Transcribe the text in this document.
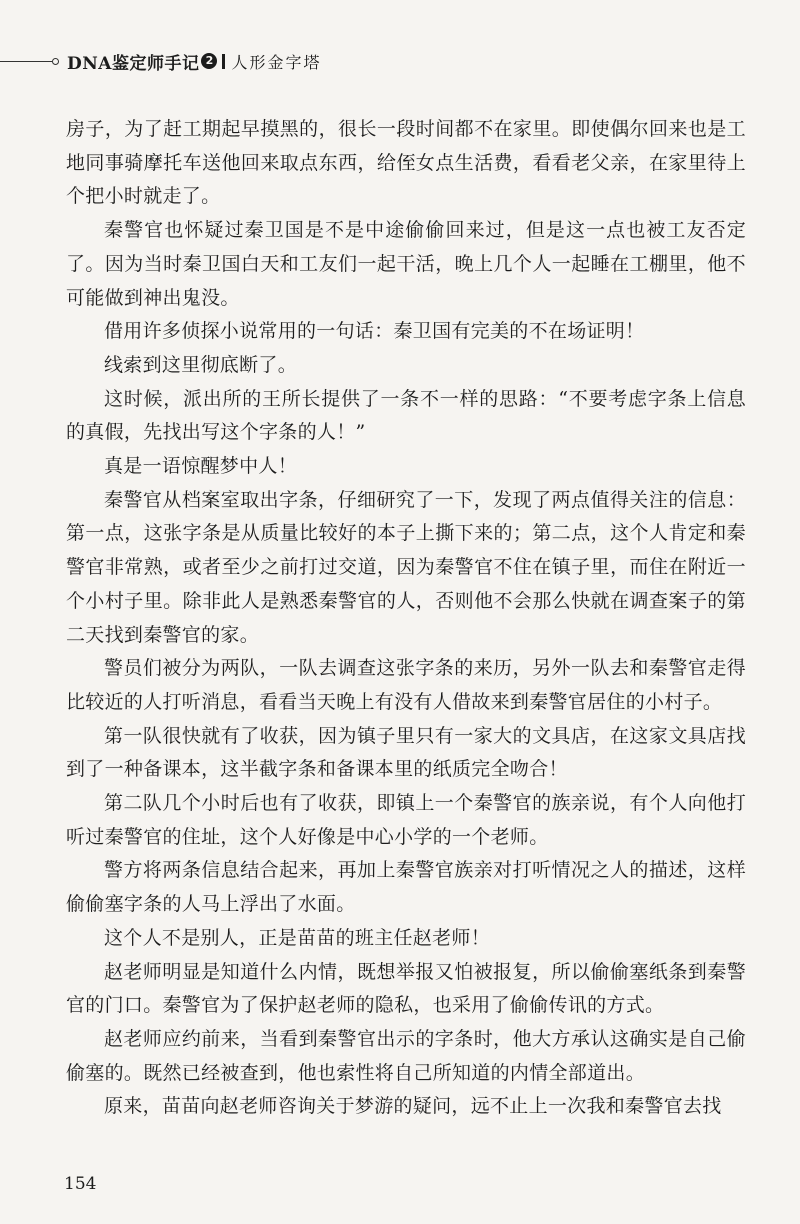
DNA鉴定师手记 2 人形金字塔

房子，为了赶工期起早摸黑的，很长一段时间都不在家里。即使偶尔回来也是工地同事骑摩托车送他回来取点东西，给侄女点生活费，看看老父亲，在家里待上个把小时就走了。

秦警官也怀疑过秦卫国是不是中途偷偷回来过，但是这一点也被工友否定了。因为当时秦卫国白天和工友们一起干活，晚上几个人一起睡在工棚里，他不可能做到神出鬼没。

借用许多侦探小说常用的一句话：秦卫国有完美的不在场证明！

线索到这里彻底断了。

这时候，派出所的王所长提供了一条不一样的思路：“不要考虑字条上信息的真假，先找出写这个字条的人！”

真是一语惊醒梦中人！

秦警官从档案室取出字条，仔细研究了一下，发现了两点值得关注的信息：第一点，这张字条是从质量比较好的本子上撕下来的；第二点，这个人肯定和秦警官非常熟，或者至少之前打过交道，因为秦警官不住在镇子里，而住在附近一个小村子里。除非此人是熟悉秦警官的人，否则他不会那么快就在调查案子的第二天找到秦警官的家。

警员们被分为两队，一队去调查这张字条的来历，另外一队去和秦警官走得比较近的人打听消息，看看当天晚上有没有人借故来到秦警官居住的小村子。

第一队很快就有了收获，因为镇子里只有一家大的文具店，在这家文具店找到了一种备课本，这半截字条和备课本里的纸质完全吻合！

第二队几个小时后也有了收获，即镇上一个秦警官的族亲说，有个人向他打听过秦警官的住址，这个人好像是中心小学的一个老师。

警方将两条信息结合起来，再加上秦警官族亲对打听情况之人的描述，这样偷偷塞字条的人马上浮出了水面。

这个人不是别人，正是苗苗的班主任赵老师！

赵老师明显是知道什么内情，既想举报又怕被报复，所以偷偷塞纸条到秦警官的门口。秦警官为了保护赵老师的隐私，也采用了偷偷传讯的方式。

赵老师应约前来，当看到秦警官出示的字条时，他大方承认这确实是自己偷偷塞的。既然已经被查到，他也索性将自己所知道的内情全部道出。

原来，苗苗向赵老师咨询关于梦游的疑问，远不止上一次我和秦警官去找

154
